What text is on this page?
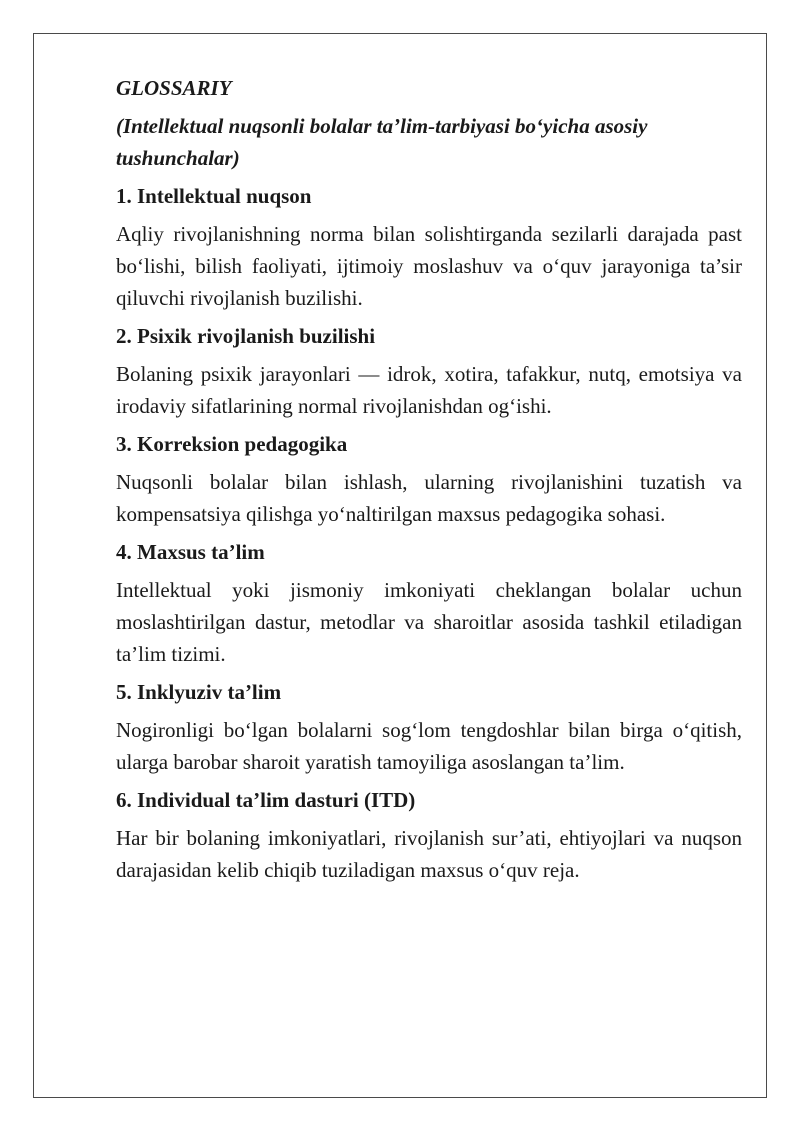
GLOSSARIY

(Intellektual nuqsonli bolalar ta’lim-tarbiyasi bo‘yicha asosiy tushunchalar)

1. Intellektual nuqson

Aqliy rivojlanishning norma bilan solishtirganda sezilarli darajada past bo‘lishi, bilish faoliyati, ijtimoiy moslashuv va o‘quv jarayoniga ta’sir qiluvchi rivojlanish buzilishi.

2. Psixik rivojlanish buzilishi

Bolaning psixik jarayonlari — idrok, xotira, tafakkur, nutq, emotsiya va irodaviy sifatlarining normal rivojlanishdan og‘ishi.

3. Korreksion pedagogika

Nuqsonli bolalar bilan ishlash, ularning rivojlanishini tuzatish va kompensatsiya qilishga yo‘naltirilgan maxsus pedagogika sohasi.

4. Maxsus ta’lim

Intellektual yoki jismoniy imkoniyati cheklangan bolalar uchun moslashtirilgan dastur, metodlar va sharoitlar asosida tashkil etiladigan ta’lim tizimi.

5. Inklyuziv ta’lim

Nogironligi bo‘lgan bolalarni sog‘lom tengdoshlar bilan birga o‘qitish, ularga barobar sharoit yaratish tamoyiliga asoslangan ta’lim.

6. Individual ta’lim dasturi (ITD)

Har bir bolaning imkoniyatlari, rivojlanish sur’ati, ehtiyojlari va nuqson darajasidan kelib chiqib tuziladigan maxsus o‘quv reja.
